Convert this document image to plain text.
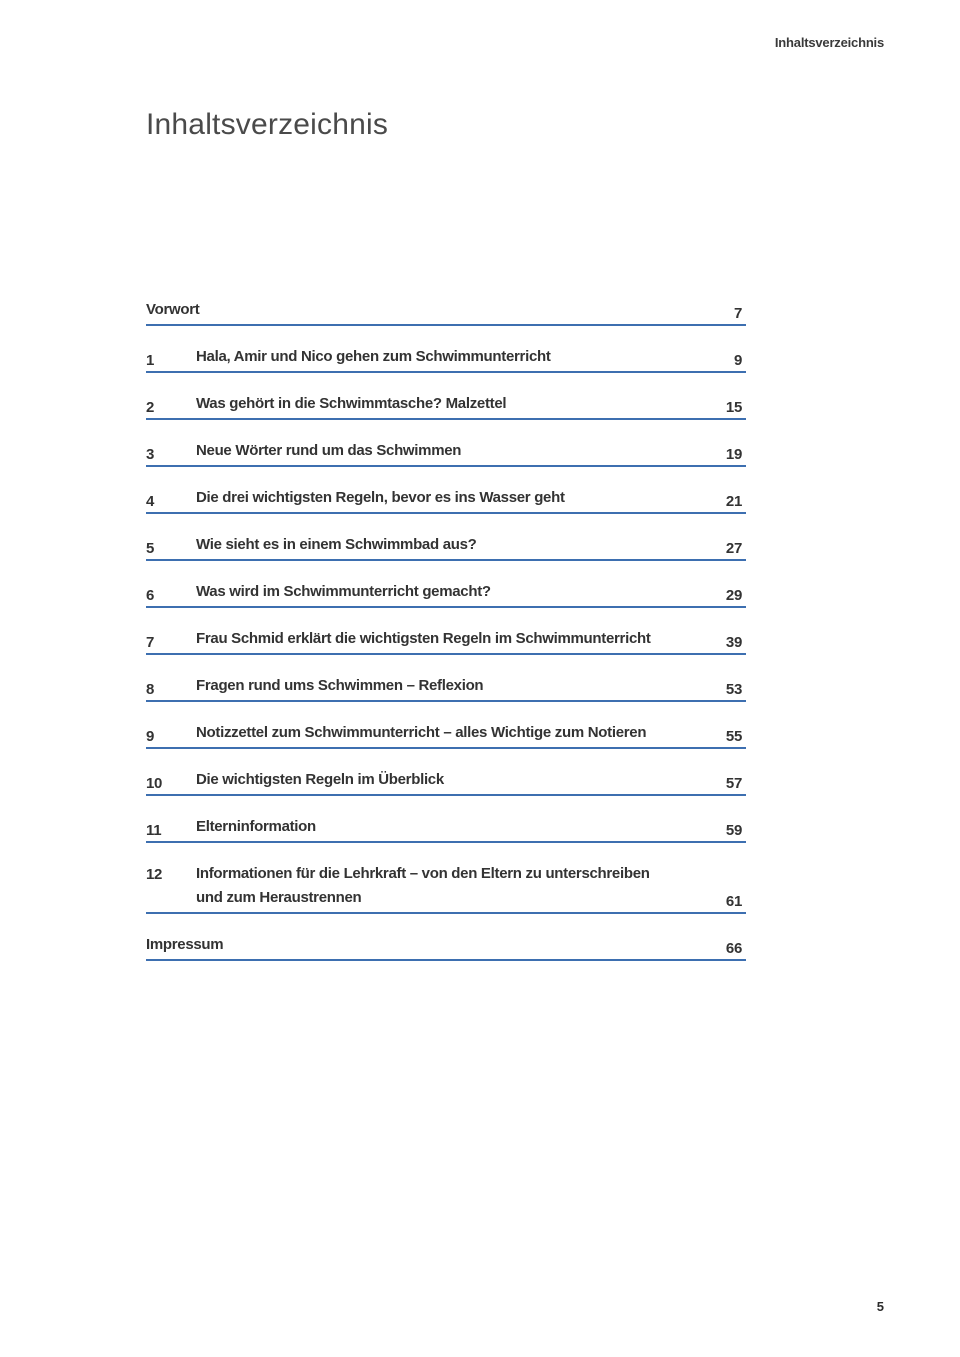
Inhaltsverzeichnis
Inhaltsverzeichnis
Vorwort	7
1	Hala, Amir und Nico gehen zum Schwimmunterricht	9
2	Was gehört in die Schwimmtasche? Malzettel	15
3	Neue Wörter rund um das Schwimmen	19
4	Die drei wichtigsten Regeln, bevor es ins Wasser geht	21
5	Wie sieht es in einem Schwimmbad aus?	27
6	Was wird im Schwimmunterricht gemacht?	29
7	Frau Schmid erklärt die wichtigsten Regeln im Schwimmunterricht	39
8	Fragen rund ums Schwimmen – Reflexion	53
9	Notizzettel zum Schwimmunterricht – alles Wichtige zum Notieren	55
10 Die wichtigsten Regeln im Überblick	57
11 Elterninformation	59
12 Informationen für die Lehrkraft – von den Eltern zu unterschreiben und zum Heraustrennen	61
Impressum	66
5
